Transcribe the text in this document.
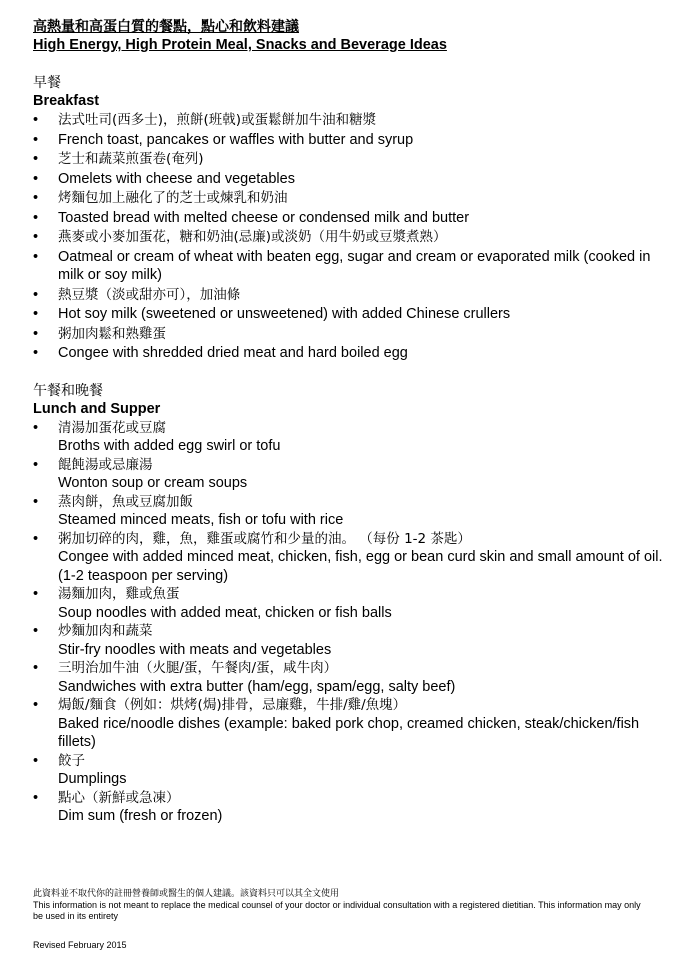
高熱量和高蛋白質的餐點，點心和飲料建議

High Energy, High Protein Meal, Snacks and Beverage Ideas

早餐
Breakfast
•	法式吐司(西多士)，煎餅(班戟)或蛋鬆餅加牛油和糖漿
•	French toast, pancakes or waffles with butter and syrup
•	芝士和蔬菜煎蛋卷(奄列)
•	Omelets with cheese and vegetables
•	烤麵包加上融化了的芝士或煉乳和奶油
•	Toasted bread with melted cheese or condensed milk and butter
•	燕麥或小麥加蛋花，糖和奶油(忌廉)或淡奶（用牛奶或豆漿煮熟）
•	Oatmeal or cream of wheat with beaten egg, sugar and cream or evaporated milk (cooked in milk or soy milk)
•	熱豆漿（淡或甜亦可），加油條
•	Hot soy milk (sweetened or unsweetened) with added Chinese crullers
•	粥加肉鬆和熟雞蛋
•	Congee with shredded dried meat and hard boiled egg
午餐和晚餐
Lunch and Supper
•	清湯加蛋花或豆腐
Broths with added egg swirl or tofu
•	餛飩湯或忌廉湯
Wonton soup or cream soups
•	蒸肉餅，魚或豆腐加飯
Steamed minced meats, fish or tofu with rice
•	粥加切碎的肉，雞，魚，雞蛋或腐竹和少量的油。 （每份 1-2 茶匙）
Congee with added minced meat, chicken, fish, egg or bean curd skin and small amount of oil. (1-2 teaspoon per serving)
•	湯麵加肉，雞或魚蛋
Soup noodles with added meat, chicken or fish balls
•	炒麵加肉和蔬菜
Stir-fry noodles with meats and vegetables
•	三明治加牛油（火腿/蛋，午餐肉/蛋，咸牛肉）
Sandwiches with extra butter (ham/egg, spam/egg, salty beef)
•	焗飯/麵食（例如：烘烤(焗)排骨，忌廉雞，牛排/雞/魚塊）
Baked rice/noodle dishes (example: baked pork chop, creamed chicken, steak/chicken/fish fillets)
•	餃子
Dumplings
•	點心（新鮮或急凍）
Dim sum (fresh or frozen)
此資料並不取代你的註冊營養師或醫生的個人建議。該資料只可以其全文使用
This information is not meant to replace the medical counsel of your doctor or individual consultation with a registered dietitian. This information may only be used in its entirety
Revised February 2015
